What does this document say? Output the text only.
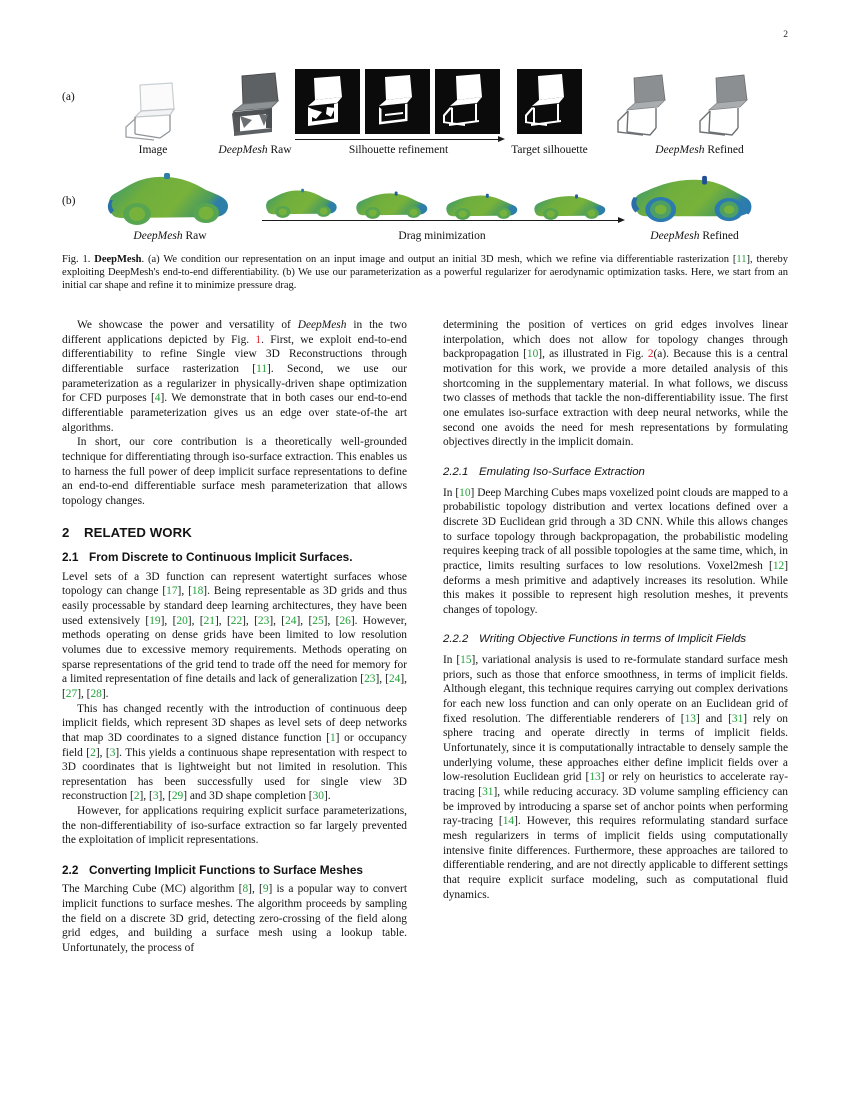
2
(a)
(b)
Image	DeepMesh Raw	Silhouette refinement	Target silhouette	DeepMesh Refined
DeepMesh Raw	Drag minimization	DeepMesh Refined
Fig. 1. DeepMesh. (a) We condition our representation on an input image and output an initial 3D mesh, which we refine via differentiable rasterization [11], thereby exploiting DeepMesh's end-to-end differentiability. (b) We use our parameterization as a powerful regularizer for aerodynamic optimization tasks. Here, we start from an initial car shape and refine it to minimize pressure drag.

We showcase the power and versatility of DeepMesh in the two different applications depicted by Fig. 1. First, we exploit end-to-end differentiability to refine Single view 3D Reconstructions through differentiable surface rasterization [11]. Second, we use our parameterization as a regularizer in physically-driven shape optimization for CFD purposes [4]. We demonstrate that in both cases our end-to-end differentiable parameterization gives us an edge over state-of-the art algorithms.

In short, our core contribution is a theoretically well-grounded technique for differentiating through iso-surface extraction. This enables us to harness the full power of deep implicit surface representations to define an end-to-end differentiable surface mesh parameterization that allows topology changes.

2 RELATED WORK
2.1 From Discrete to Continuous Implicit Surfaces.

Level sets of a 3D function can represent watertight surfaces whose topology can change [17], [18]. Being representable as 3D grids and thus easily processable by standard deep learning architectures, they have been used extensively [19], [20], [21], [22], [23], [24], [25], [26]. However, methods operating on dense grids have been limited to low resolution volumes due to excessive memory requirements. Methods operating on sparse representations of the grid tend to trade off the need for memory for a limited representation of fine details and lack of generalization [23], [24], [27], [28].

This has changed recently with the introduction of continuous deep implicit fields, which represent 3D shapes as level sets of deep networks that map 3D coordinates to a signed distance function [1] or occupancy field [2], [3]. This yields a continuous shape representation with respect to 3D coordinates that is lightweight but not limited in resolution. This representation has been successfully used for single view 3D reconstruction [2], [3], [29] and 3D shape completion [30].

However, for applications requiring explicit surface parameterizations, the non-differentiability of iso-surface extraction so far largely prevented the exploitation of implicit representations.

2.2 Converting Implicit Functions to Surface Meshes

The Marching Cube (MC) algorithm [8], [9] is a popular way to convert implicit functions to surface meshes. The algorithm proceeds by sampling the field on a discrete 3D grid, detecting zero-crossing of the field along grid edges, and building a surface mesh using a lookup table. Unfortunately, the process of

determining the position of vertices on grid edges involves linear interpolation, which does not allow for topology changes through backpropagation [10], as illustrated in Fig. 2(a). Because this is a central motivation for this work, we provide a more detailed analysis of this shortcoming in the supplementary material. In what follows, we discuss two classes of methods that tackle the non-differentiability issue. The first one emulates iso-surface extraction with deep neural networks, while the second one avoids the need for mesh representations by formulating objectives directly in the implicit domain.

2.2.1 Emulating Iso-Surface Extraction

In [10] Deep Marching Cubes maps voxelized point clouds are mapped to a probabilistic topology distribution and vertex locations defined over a discrete 3D Euclidean grid through a 3D CNN. While this allows changes to surface topology through backpropagation, the probabilistic modeling requires keeping track of all possible topologies at the same time, which, in practice, limits resulting surfaces to low resolutions. Voxel2mesh [12] deforms a mesh primitive and adaptively increases its resolution. While this makes it possible to represent high resolution meshes, it prevents changes of topology.

2.2.2 Writing Objective Functions in terms of Implicit Fields

In [15], variational analysis is used to re-formulate standard surface mesh priors, such as those that enforce smoothness, in terms of implicit fields. Although elegant, this technique requires carrying out complex derivations for each new loss function and can only operate on an Euclidean grid of fixed resolution. The differentiable renderers of [13] and [31] rely on sphere tracing and operate directly in terms of implicit fields. Unfortunately, since it is computationally intractable to densely sample the underlying volume, these approaches either define implicit fields over a low-resolution Euclidean grid [13] or rely on heuristics to accelerate ray-tracing [31], while reducing accuracy. 3D volume sampling efficiency can be improved by introducing a sparse set of anchor points when performing ray-tracing [14]. However, this requires reformulating standard surface mesh regularizers in terms of implicit fields using computationally intensive finite differences. Furthermore, these approaches are tailored to differentiable rendering, and are not directly applicable to different settings that require explicit surface modeling, such as computational fluid dynamics.
